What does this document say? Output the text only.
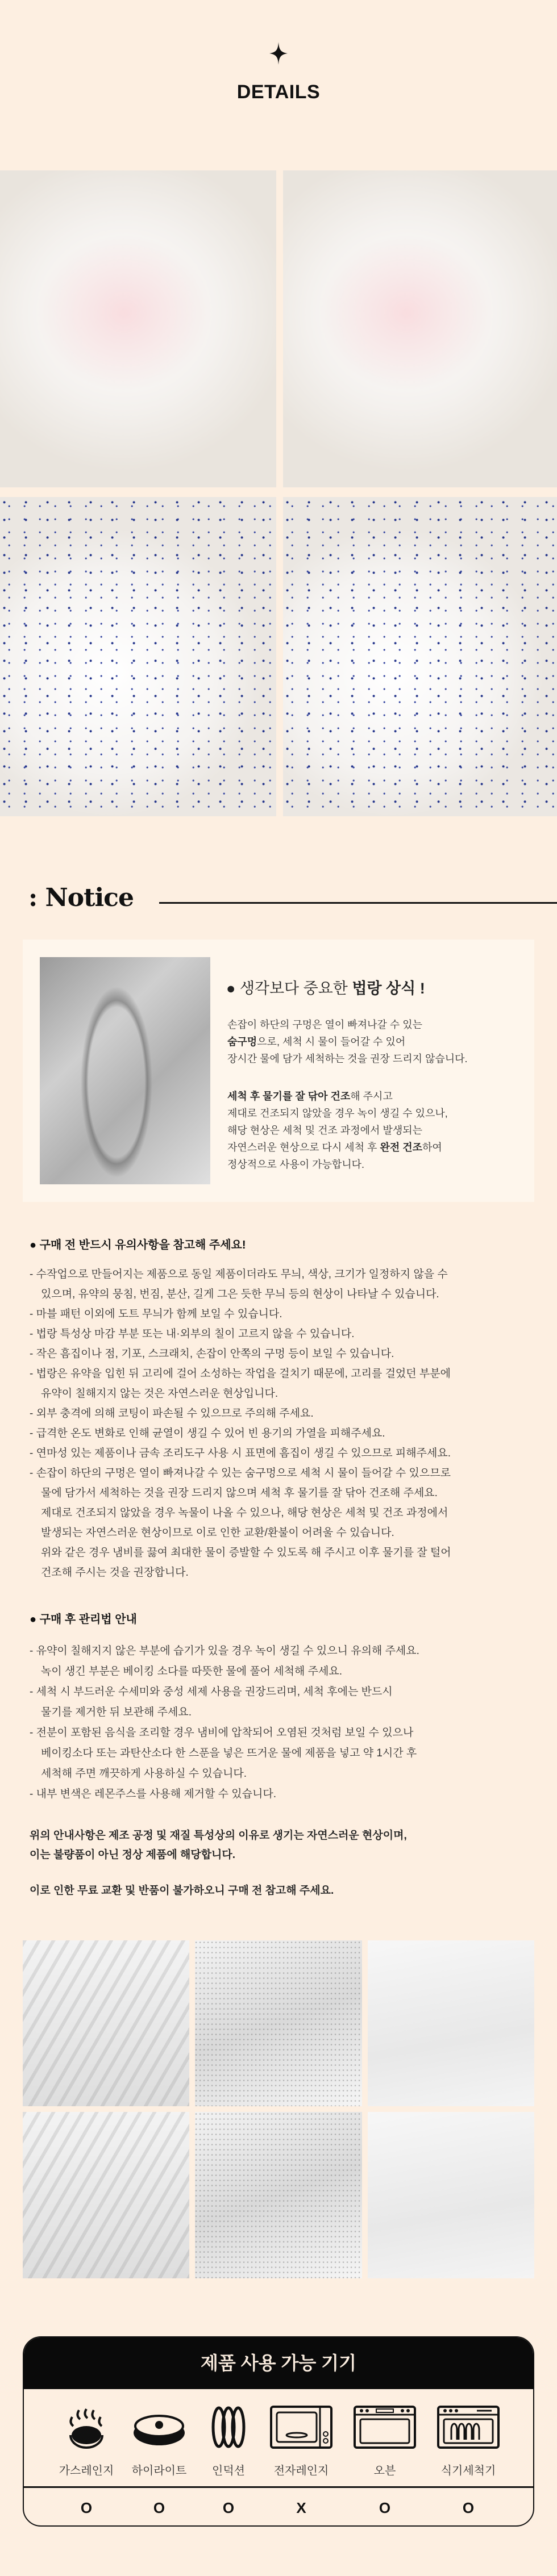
DETAILS
: Notice
● 생각보다 중요한 법랑 상식 !
손잡이 하단의 구멍은 열이 빠져나갈 수 있는
숨구멍으로, 세척 시 물이 들어갈 수 있어
장시간 물에 담가 세척하는 것을 권장 드리지 않습니다.
세척 후 물기를 잘 닦아 건조해 주시고
제대로 건조되지 않았을 경우 녹이 생길 수 있으나,
해당 현상은 세척 및 건조 과정에서 발생되는
자연스러운 현상으로 다시 세척 후 완전 건조하여
정상적으로 사용이 가능합니다.
● 구매 전 반드시 유의사항을 참고해 주세요!
- 수작업으로 만들어지는 제품으로 동일 제품이더라도 무늬, 색상, 크기가 일정하지 않을 수
있으며, 유약의 뭉침, 번짐, 분산, 길게 그은 듯한 무늬 등의 현상이 나타날 수 있습니다.
- 마블 패턴 이외에 도트 무늬가 함께 보일 수 있습니다.
- 법랑 특성상 마감 부분 또는 내·외부의 칠이 고르지 않을 수 있습니다.
- 작은 흠집이나 점, 기포, 스크래치, 손잡이 안쪽의 구멍 등이 보일 수 있습니다.
- 법랑은 유약을 입힌 뒤 고리에 걸어 소성하는 작업을 걸치기 때문에, 고리를 걸었던 부분에
유약이 칠해지지 않는 것은 자연스러운 현상입니다.
- 외부 충격에 의해 코팅이 파손될 수 있으므로 주의해 주세요.
- 급격한 온도 변화로 인해 균열이 생길 수 있어 빈 용기의 가열을 피해주세요.
- 연마성 있는 제품이나 금속 조리도구 사용 시 표면에 흠집이 생길 수 있으므로 피해주세요.
- 손잡이 하단의 구멍은 열이 빠져나갈 수 있는 숨구멍으로 세척 시 물이 들어갈 수 있으므로
물에 담가서 세척하는 것을 권장 드리지 않으며 세척 후 물기를 잘 닦아 건조해 주세요.
제대로 건조되지 않았을 경우 녹물이 나올 수 있으나, 해당 현상은 세척 및 건조 과정에서
발생되는 자연스러운 현상이므로 이로 인한 교환/환불이 어려울 수 있습니다.
위와 같은 경우 냄비를 끓여 최대한 물이 증발할 수 있도록 해 주시고 이후 물기를 잘 털어
건조해 주시는 것을 권장합니다.
● 구매 후 관리법 안내
- 유약이 칠해지지 않은 부분에 습기가 있을 경우 녹이 생길 수 있으니 유의해 주세요.
녹이 생긴 부분은 베이킹 소다를 따뜻한 물에 풀어 세척해 주세요.
- 세척 시 부드러운 수세미와 중성 세제 사용을 권장드리며, 세척 후에는 반드시
물기를 제거한 뒤 보관해 주세요.
- 전분이 포함된 음식을 조리할 경우 냄비에 압착되어 오염된 것처럼 보일 수 있으나
베이킹소다 또는 과탄산소다 한 스푼을 넣은 뜨거운 물에 제품을 넣고 약 1시간 후
세척해 주면 깨끗하게 사용하실 수 있습니다.
- 내부 변색은 레몬주스를 사용해 제거할 수 있습니다.
위의 안내사항은 제조 공정 및 재질 특성상의 이유로 생기는 자연스러운 현상이며,
이는 불량품이 아닌 정상 제품에 해당합니다.
이로 인한 무료 교환 및 반품이 불가하오니 구매 전 참고해 주세요.
제품 사용 가능 기기
가스레인지
O
하이라이트
O
인덕션
O
전자레인지
X
오븐
O
식기세척기
O
